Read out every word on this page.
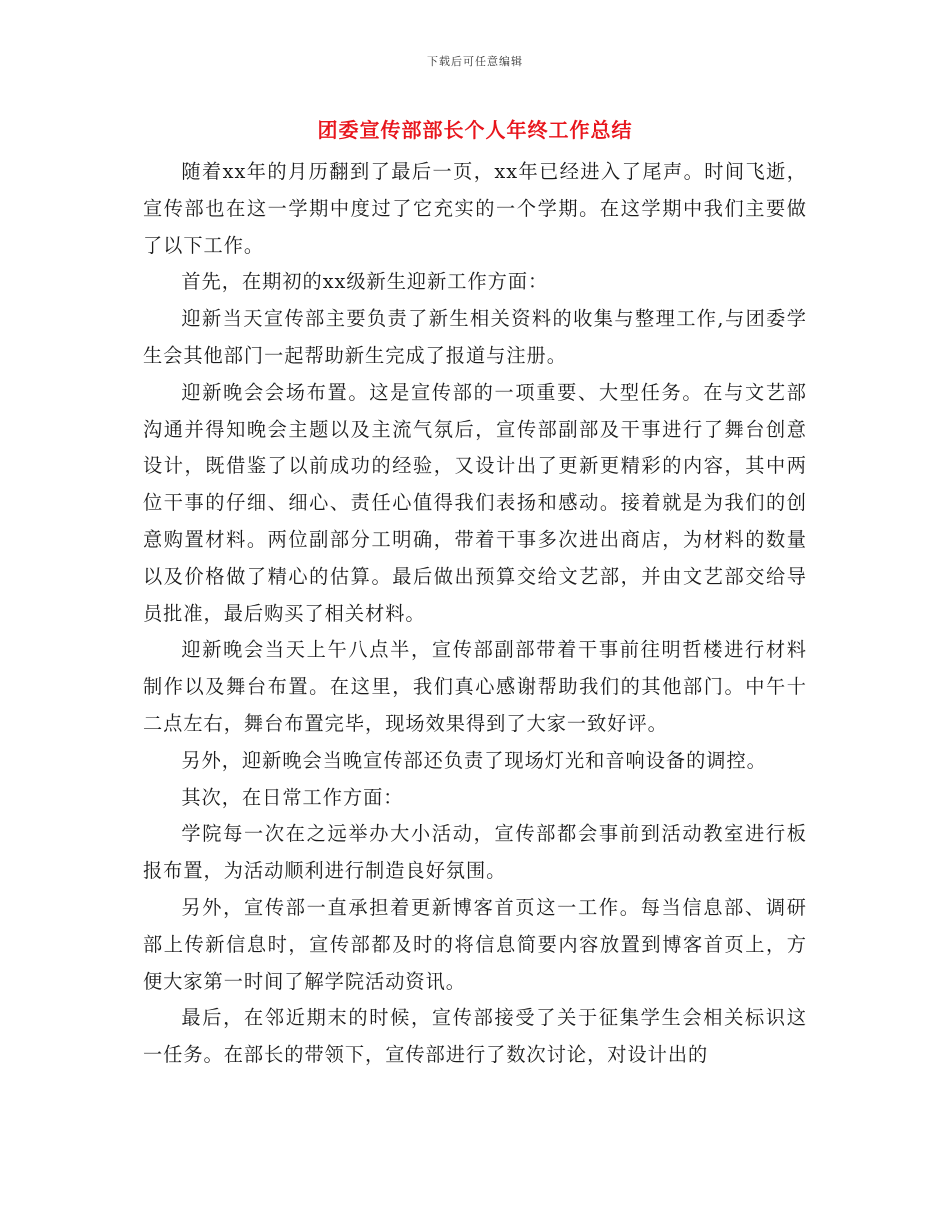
下载后可任意编辑
团委宣传部部长个人年终工作总结

随着xx年的月历翻到了最后一页，xx年已经进入了尾声。时间飞逝，宣传部也在这一学期中度过了它充实的一个学期。在这学期中我们主要做了以下工作。

首先，在期初的xx级新生迎新工作方面：

迎新当天宣传部主要负责了新生相关资料的收集与整理工作,与团委学生会其他部门一起帮助新生完成了报道与注册。

迎新晚会会场布置。这是宣传部的一项重要、大型任务。在与文艺部沟通并得知晚会主题以及主流气氛后，宣传部副部及干事进行了舞台创意设计，既借鉴了以前成功的经验，又设计出了更新更精彩的内容，其中两位干事的仔细、细心、责任心值得我们表扬和感动。接着就是为我们的创意购置材料。两位副部分工明确，带着干事多次进出商店，为材料的数量以及价格做了精心的估算。最后做出预算交给文艺部，并由文艺部交给导员批准，最后购买了相关材料。

迎新晚会当天上午八点半，宣传部副部带着干事前往明哲楼进行材料制作以及舞台布置。在这里，我们真心感谢帮助我们的其他部门。中午十二点左右，舞台布置完毕，现场效果得到了大家一致好评。

另外，迎新晚会当晚宣传部还负责了现场灯光和音响设备的调控。

其次，在日常工作方面：

学院每一次在之远举办大小活动，宣传部都会事前到活动教室进行板报布置，为活动顺利进行制造良好氛围。

另外，宣传部一直承担着更新博客首页这一工作。每当信息部、调研部上传新信息时，宣传部都及时的将信息简要内容放置到博客首页上，方便大家第一时间了解学院活动资讯。

最后，在邻近期末的时候，宣传部接受了关于征集学生会相关标识这一任务。在部长的带领下，宣传部进行了数次讨论，对设计出的
